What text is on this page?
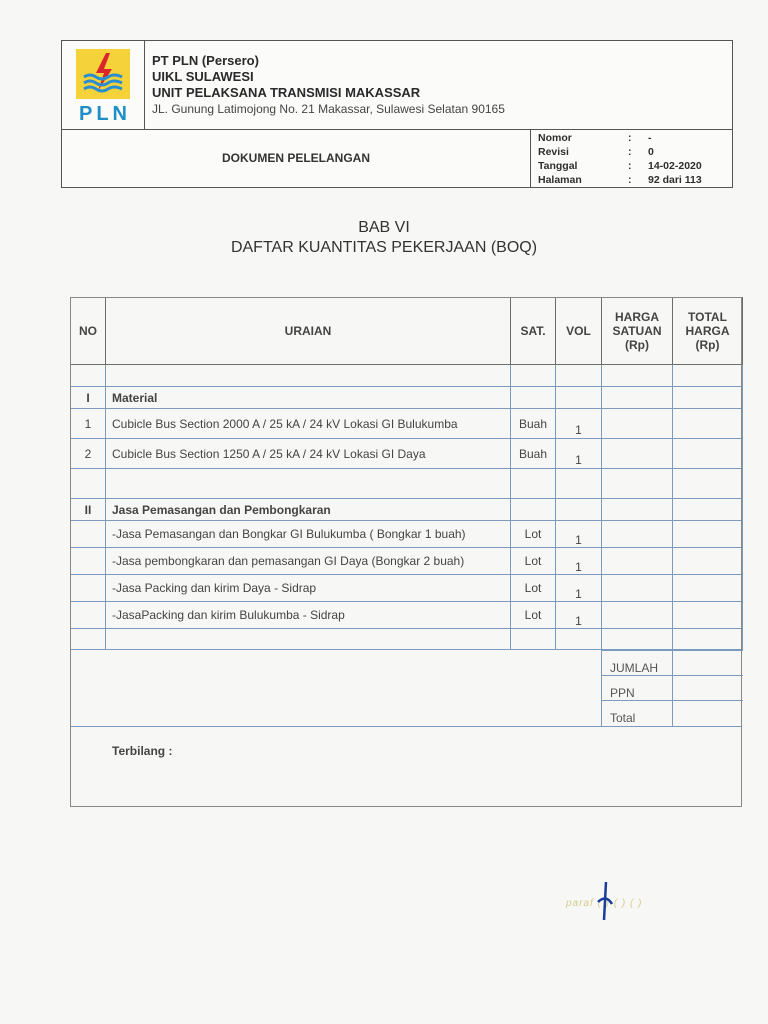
PLN
PT PLN (Persero)
UIKL SULAWESI
UNIT PELAKSANA TRANSMISI MAKASSAR
JL. Gunung Latimojong No. 21 Makassar, Sulawesi Selatan 90165
DOKUMEN PELELANGAN
Nomor	:	-
Revisi	:	0
Tanggal	:	14-02-2020
Halaman	:	92 dari 113
BAB VI
DAFTAR KUANTITAS PEKERJAAN (BOQ)
NO	URAIAN	SAT.	VOL	HARGA SATUAN (Rp)	TOTAL HARGA (Rp)

I	Material				
1	Cubicle Bus Section 2000 A / 25 kA / 24 kV Lokasi GI Bulukumba	Buah	1		
2	Cubicle Bus Section 1250 A / 25 kA / 24 kV Lokasi GI Daya	Buah	1		

II	Jasa Pemasangan dan Pembongkaran				
	-Jasa Pemasangan dan Bongkar GI Bulukumba ( Bongkar 1 buah)	Lot	1		
	-Jasa pembongkaran dan pemasangan GI Daya (Bongkar 2 buah)	Lot	1		
	-Jasa Packing dan kirim Daya - Sidrap	Lot	1		
	-JasaPacking dan kirim Bulukumba - Sidrap	Lot	1		

JUMLAH
PPN
Total
Terbilang :
paraf ( ) ( ) ( )
